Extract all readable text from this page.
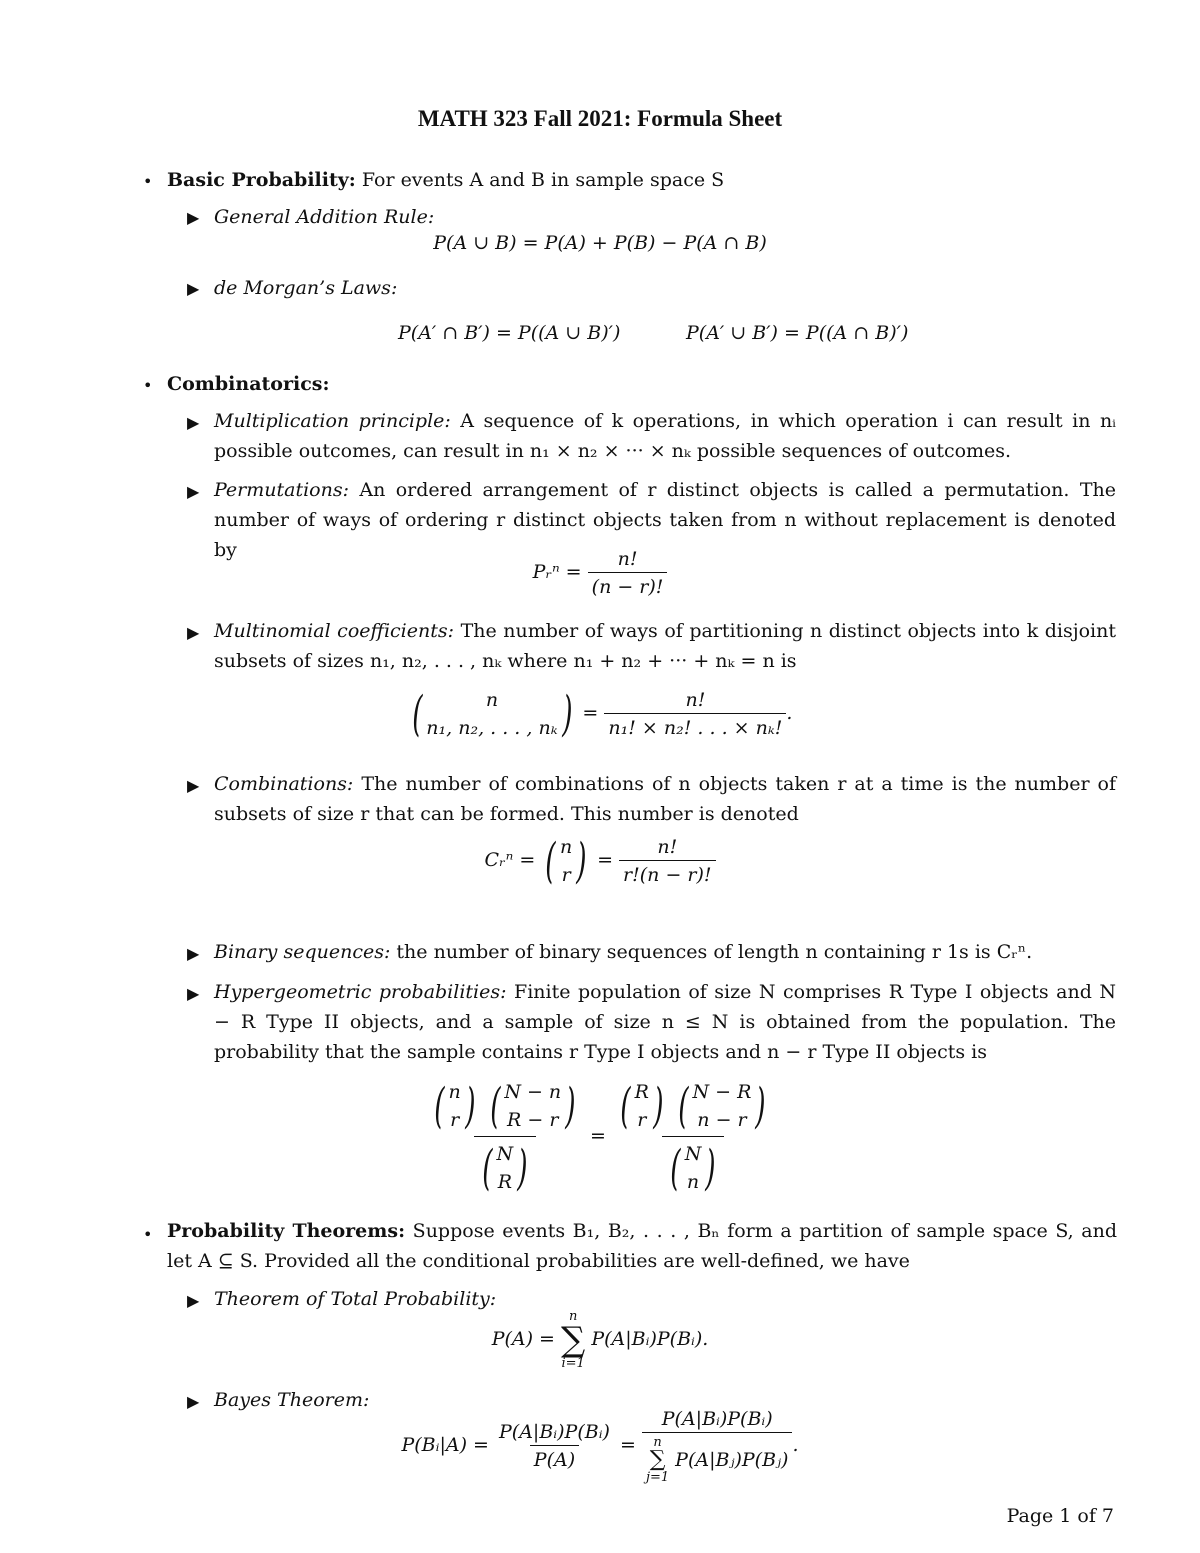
MATH 323 Fall 2021: Formula Sheet
• Basic Probability: For events A and B in sample space S
▶ General Addition Rule:
P(A ∪ B) = P(A) + P(B) − P(A ∩ B)
▶ de Morgan’s Laws:
P(A′ ∩ B′) = P((A ∪ B)′)	P(A′ ∪ B′) = P((A ∩ B)′)
• Combinatorics:
▶ Multiplication principle: A sequence of k operations, in which operation i can result in nᵢ possible outcomes, can result in n₁ × n₂ × ··· × nₖ possible sequences of outcomes.
▶ Permutations: An ordered arrangement of r distinct objects is called a permutation. The number of ways of ordering r distinct objects taken from n without replacement is denoted by
Pᵣⁿ = $\frac{n!}{(n - r)!}$
▶ Multinomial coefficients: The number of ways of partitioning n distinct objects into k disjoint subsets of sizes n₁, n₂, . . . , nₖ where n₁ + n₂ + ··· + nₖ = n is
(	n
n₁, n₂, . . . , nₖ ) = $\frac{n!}{\text{n₁! × n₂! . . . × nₖ!}}$ .
▶ Combinations: The number of combinations of n objects taken r at a time is the number of subsets of size r that can be formed. This number is denoted
Cᵣⁿ = ( n
r ) = $\frac{n!}{r!(n - r)!}$
▶ Binary sequences: the number of binary sequences of length n containing r 1s is Cᵣⁿ.
▶ Hypergeometric probabilities: Finite population of size N comprises R Type I objects and N − R Type II objects, and a sample of size n ≤ N is obtained from the population. The probability that the sample contains r Type I objects and n − r Type II objects is
( n
r )
( N − n
R − r )
( N
R ) = ( R
r )
( N − R
n − r )
( N
n )
• Probability Theorems: Suppose events B₁, B₂, . . . , Bₙ form a partition of sample space S, and let A ⊆ S. Provided all the conditional probabilities are well-defined, we have
▶ Theorem of Total Probability:
P(A) =
n
∑
i=1
P(A|Bᵢ)P(Bᵢ).
▶ Bayes Theorem:
P(Bᵢ|A) = $\frac{\text{P(A|Bᵢ)P(Bᵢ)}}{P(A)}$ = P(A|Bᵢ)P(Bᵢ)
n
∑
j=1
P(A|Bⱼ)P(Bⱼ) .
Page 1 of 7
